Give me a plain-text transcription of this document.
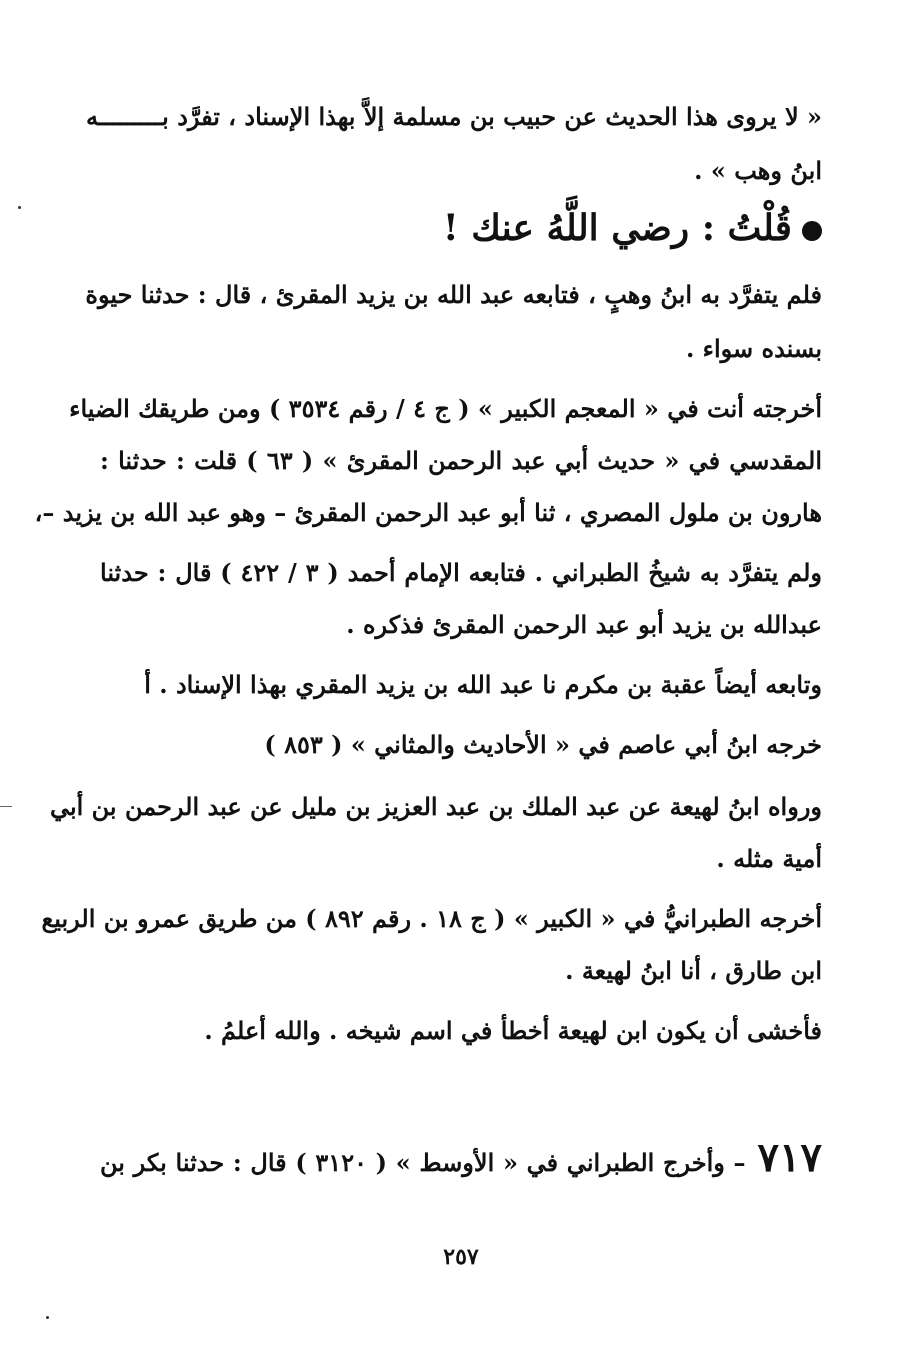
« لا يروى هذا الحديث عن حبيب بن مسلمة إلاَّ بهذا الإسناد ، تفرَّد بـــــــــه
ابنُ وهب » .
قُلْتُ : رضي اللَّهُ عنك !
فلم يتفرَّد به ابنُ وهبٍ ، فتابعه عبد الله بن يزيد المقرئ ، قال : حدثنا حيوة
بسنده سواء .
أخرجته أنت في « المعجم الكبير » ( ج ٤ / رقم ٣٥٣٤ ) ومن طريقك الضياء
المقدسي في « حديث أبي عبد الرحمن المقرئ » ( ٦٣ ) قلت : حدثنا :
هارون بن ملول المصري ، ثنا أبو عبد الرحمن المقرئ – وهو عبد الله بن يزيد –،
ولم يتفرَّد به شيخُ الطبراني . فتابعه الإمام أحمد ( ٣ / ٤٢٢ ) قال : حدثنا
عبدالله بن يزيد أبو عبد الرحمن المقرئ فذكره .
وتابعه أيضاً عقبة بن مكرم نا عبد الله بن يزيد المقري بهذا الإسناد . أ
خرجه ابنُ أبي عاصم في « الأحاديث والمثاني » ( ٨٥٣ )
ورواه ابنُ لهيعة عن عبد الملك بن عبد العزيز بن مليل عن عبد الرحمن بن أبي
أمية مثله .
أخرجه الطبرانيُّ في « الكبير » ( ج ١٨ . رقم ٨٩٢ ) من طريق عمرو بن الربيع
ابن طارق ، أنا ابنُ لهيعة .
فأخشى أن يكون ابن لهيعة أخطأ في اسم شيخه . والله أعلمُ .
٧١٧– وأخرج الطبراني في « الأوسط » ( ٣١٢٠ ) قال : حدثنا بكر بن
٢٥٧
